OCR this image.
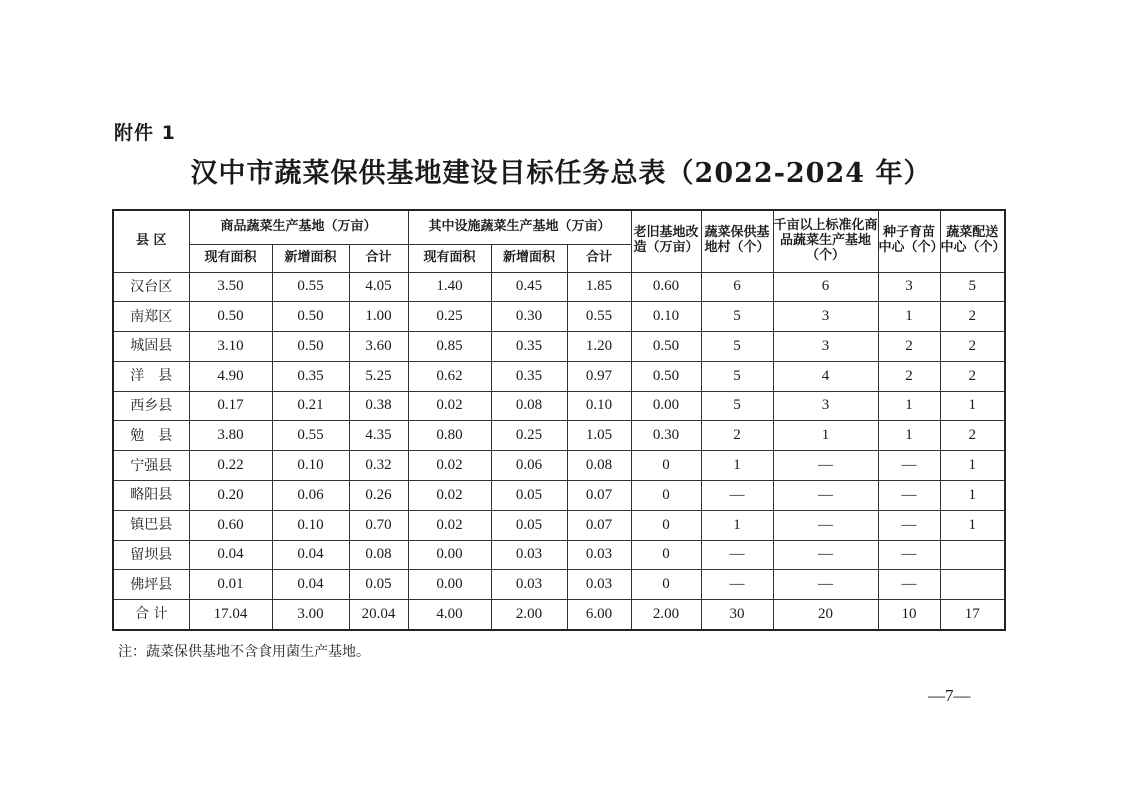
附件 1
汉中市蔬菜保供基地建设目标任务总表（2022-2024 年）
县 区	商品蔬菜生产基地（万亩）			其中设施蔬菜生产基地（万亩）			老旧基地改造（万亩）	蔬菜保供基地村（个）	千亩以上标准化商品蔬菜生产基地（个）	种子育苗中心（个）	蔬菜配送中心（个）
	现有面积	新增面积	合计	现有面积	新增面积	合计					
汉台区	3.50	0.55	4.05	1.40	0.45	1.85	0.60	6	6	3	5
南郑区	0.50	0.50	1.00	0.25	0.30	0.55	0.10	5	3	1	2
城固县	3.10	0.50	3.60	0.85	0.35	1.20	0.50	5	3	2	2
洋　县	4.90	0.35	5.25	0.62	0.35	0.97	0.50	5	4	2	2
西乡县	0.17	0.21	0.38	0.02	0.08	0.10	0.00	5	3	1	1
勉　县	3.80	0.55	4.35	0.80	0.25	1.05	0.30	2	1	1	2
宁强县	0.22	0.10	0.32	0.02	0.06	0.08	0	1	—	—	1
略阳县	0.20	0.06	0.26	0.02	0.05	0.07	0	—	—	—	1
镇巴县	0.60	0.10	0.70	0.02	0.05	0.07	0	1	—	—	1
留坝县	0.04	0.04	0.08	0.00	0.03	0.03	0	—	—	—	
佛坪县	0.01	0.04	0.05	0.00	0.03	0.03	0	—	—	—	
合 计	17.04	3.00	20.04	4.00	2.00	6.00	2.00	30	20	10	17
注：蔬菜保供基地不含食用菌生产基地。
—7—
